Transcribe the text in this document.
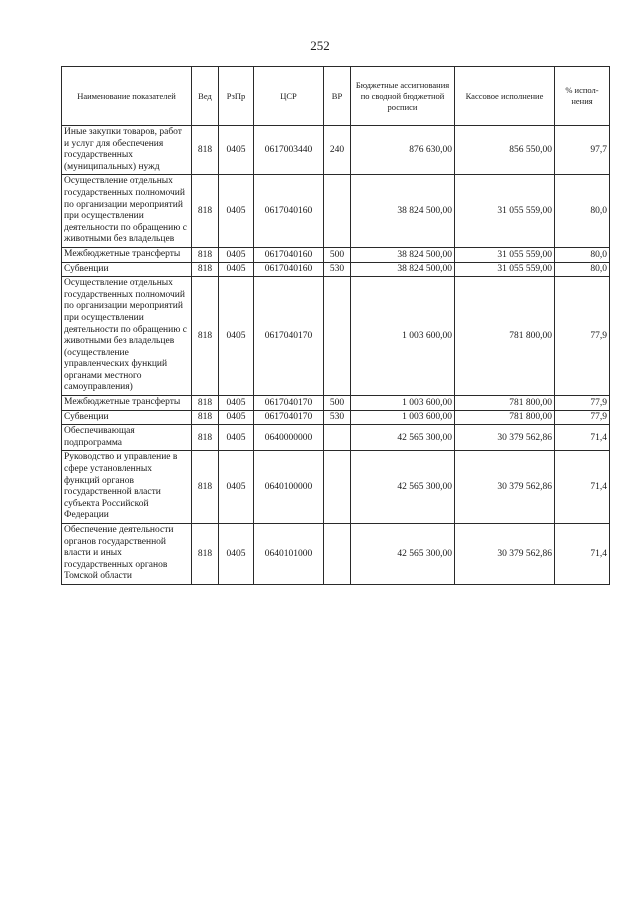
252
Наименование показателей	Вед	РзПр	ЦСР	ВР	Бюджетные ассигнования по сводной бюджетной росписи	Кассовое исполнение	% испол-нения
Иные закупки товаров, работ и услуг для обеспечения государственных (муниципальных) нужд	818	0405	0617003440	240	876 630,00	856 550,00	97,7
Осуществление отдельных государственных полномочий по организации мероприятий при осуществлении деятельности по обращению с животными без владельцев	818	0405	0617040160		38 824 500,00	31 055 559,00	80,0
Межбюджетные трансферты	818	0405	0617040160	500	38 824 500,00	31 055 559,00	80,0
Субвенции	818	0405	0617040160	530	38 824 500,00	31 055 559,00	80,0
Осуществление отдельных государственных полномочий по организации мероприятий при осуществлении деятельности по обращению с животными без владельцев (осуществление управленческих функций органами местного самоуправления)	818	0405	0617040170		1 003 600,00	781 800,00	77,9
Межбюджетные трансферты	818	0405	0617040170	500	1 003 600,00	781 800,00	77,9
Субвенции	818	0405	0617040170	530	1 003 600,00	781 800,00	77,9
Обеспечивающая подпрограмма	818	0405	0640000000		42 565 300,00	30 379 562,86	71,4
Руководство и управление в сфере установленных функций органов государственной власти субъекта Российской Федерации	818	0405	0640100000		42 565 300,00	30 379 562,86	71,4
Обеспечение деятельности органов государственной власти и иных государственных органов Томской области	818	0405	0640101000		42 565 300,00	30 379 562,86	71,4
